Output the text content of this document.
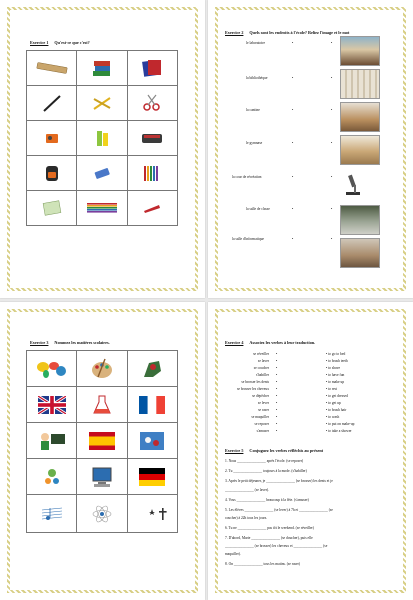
Exercice 1 Qu'est-ce que c'est?

Exercice 2 Quels sont les endroits à l'école? Reliez l'image et le mot
le laboratoire
la bibliothèque
la cantine
le gymnase
la cour de récréation
la salle de classe
la salle d'informatique
•
•
•
•
•
•
•
•
•
•
•
•
•
•
Exercice 3 Nommez les matières scolaires.

		Exercice 4 Associez les verbes à leur traduction.
se réveiller
se laver
se coucher
s'habiller
se brosser les dents
se brosser les cheveux
se dépêcher
se lever
se raser
se maquiller
se reposer
s'amuser
•
•
•
•
•
•
•
•
•
•
•
•
• to go to bed
• to brush teeth
• to shave
• to have fun
• to make up
• to rest
• to get dressed
• to get up
• to brush hair
• to wash
• to put on make-up
• to take a shower
Exercice 5 Conjuguez les verbes réfléchis au présent
1. Nous ________________ après l'école. (se reposer)
2. Tu ________________ toujours à la mode. (s'habiller)
3. Après le petit déjeuner, je ________________ (se brosser) les dents et je
________________ (se laver).
4. Vous ________________ beaucoup à la fête. (s'amuser)
5. Les élèves ________________ (se lever) à 7h et ________________ (se
coucher) à 22h tous les jours.
6. Tu ne ________________ pas tôt le weekend. (se réveiller)
7. D'abord, Marie ________________ (se doucher), puis elle
________________ (se brosser) les cheveux et ________________ (se
maquiller).
8. On ________________ tous les matins. (se raser)
